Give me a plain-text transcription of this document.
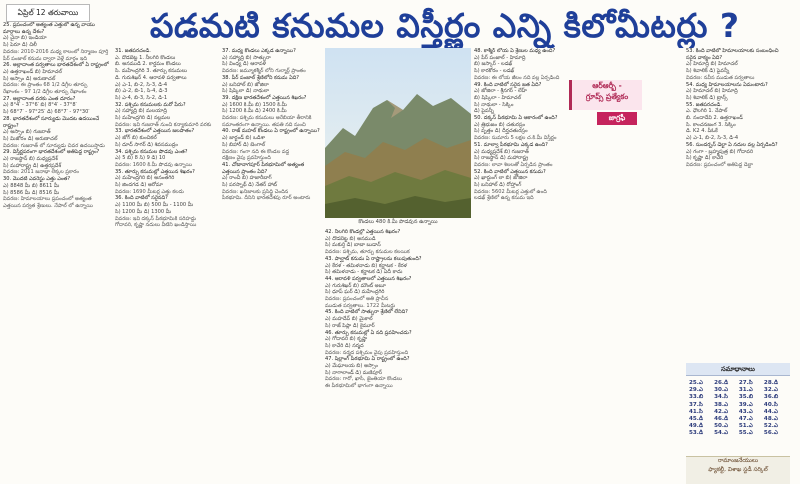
ఏప్రిల్ 12 తరువాయి	పడమటి కనుమల విస్తీర్ణం ఎన్ని కిలోమీటర్లు ?

25. ప్రపంచంలో అత్యంత ఎత్తులో ఉన్న వాయు మార్గాలు ఉన్న దేశం?

ఎ) చైనా బి) ఇండియా

సి) పెరూ డి) చిలీ

వివరణ: 2010-2016 మధ్య కాలంలో నిర్మాణం పూర్తి

పీర్ పంజాల్ కనుమ ద్వారా వెళ్లే మార్గం ఇది

26. అల్లాదాంత పర్వతాలు భారతదేశంలో ఏ రాష్ట్రంలో

ఎ) ఉత్తరాఖండ్ బి) హిమాచల్

సి) అస్సాం డి) అరుణాచల్

వివరణ: ఈ ప్రాంతం 68 1/2 డిగ్రీల తూర్పు

రేఖాంశం - 97 1/2 డిగ్రీల తూర్పు రేఖాంశం

27. అల్లాదాంత వరకు ఎంత దూరం?

ఎ) 8°4′ - 37°6′ బి) 8°4′ - 37°8′

సి) 68°7′ - 97°25′ డి) 68°7′ - 97°30′

28. భారతదేశంలో సూర్యుడు మొదట ఉదయించే రాష్ట్రం?

ఎ) అస్సాం బి) గుజరాత్

సి) మిజోరం డి) అరుణాచల్

వివరణ: గుజరాత్ లో సూర్యుడు చివర ఉదయిస్తాడు

29. విస్తీర్ణపరంగా భారతదేశంలో అతిపెద్ద రాష్ట్రం?

ఎ) రాజస్థాన్ బి) మధ్యప్రదేశ్

సి) మహారాష్ట్ర డి) ఉత్తరప్రదేశ్

వివరణ: 2011 జనాభా లెక్కల ప్రకారం

30. మొదటి ఎవరెస్టు ఎత్తు ఎంత?

ఎ) 8848 మీ బి) 8611 మీ

సి) 8586 మీ డి) 8516 మీ

వివరణ: హిమాలయాలు ప్రపంచంలో అత్యంత

ఎత్తయిన పర్వత శ్రేణులు. నేపాల్ లో ఉన్నాయి

31. జతపరచండి.

ఎ. దొడబెట్ట 1. నీలగిరి కొండలు

బి. అనముడి 2. కార్డమం కొండలు

సి. మహేంద్రగిరి 3. తూర్పు కనుమలు

డి. గురుశిఖర్ 4. ఆరావళి పర్వతాలు

ఎ) ఎ-1, బి-2, సి-3, డి-4

బి) ఎ-2, బి-1, సి-4, డి-3

సి) ఎ-4, బి-3, సి-2, డి-1

32. పశ్చిమ కనుమలకు మరో పేరు?

ఎ) సహ్యాద్రి బి) మలయాద్రి

సి) మహేంద్రగిరి డి) నల్లమల

వివరణ: ఇవి గుజరాత్ నుంచి కన్యాకుమారి వరకు

33. భారతదేశంలో ఎత్తయిన జలపాతం?

ఎ) జోగ్ బి) కుంచికల్

సి) దూద్ సాగర్ డి) శివసముద్రం

34. పశ్చిమ కనుమల పొడవు ఎంత?

ఎ) 5 బి) 8 సి) 9 డి) 10

వివరణ: 1600 కి.మీ పొడవు ఉన్నాయి

35. తూర్పు కనుమల్లో ఎత్తయిన శిఖరం?

ఎ) మహేంద్రగిరి బి) అనంతగిరి

సి) జిందగడ డి) అరోమా

వివరణ: 1690 మీటర్ల ఎత్తు కలదు

36. కింది వాటిలో సరైనది?

ఎ) 1100 మీ బి) 500 మీ - 1100 మీ

సి) 1200 మీ డి) 1300 మీ

వివరణ: ఇవి దక్కన్ పీఠభూమికి సరిహద్దు

గోదావరి, కృష్ణా నదులు వీటిని ఖండిస్తాయి

37. మధ్య కొండలు ఎక్కడ ఉన్నాయి?

ఎ) సహ్యాద్రి బి) సాత్పురా

సి) వింధ్య డి) ఆరావళి

వివరణ: జమ్మూకశ్మీర్ లోని గుల్మార్గ్ ప్రాంతం

38. పీర్ పంజాల్ శ్రేణిలోని కనుమ ఏది?

ఎ) బనిహాల్ బి) జోజిలా

సి) షిప్కిలా డి) నాథులా

39. దక్షిణ భారతదేశంలో ఎత్తయిన శిఖరం?

ఎ) 1600 కి.మీ బి) 1500 కి.మీ

సి) 1200 కి.మీ డి) 2400 కి.మీ

వివరణ: పశ్చిమ కనుమలు అరేబియా తీరానికి

సమాంతరంగా ఉన్నాయి. తపతి నది నుంచి

40. రాజ్ మహల్ కొండలు ఏ రాష్ట్రంలో ఉన్నాయి?

ఎ) జార్ఖండ్ బి) ఒడిశా

సి) బిహార్ డి) బెంగాల్

వివరణ: గంగా నది ఈ కొండల వద్ద

దక్షిణం వైపు ప్రవహిస్తుంది

41. చోటానాగపూర్ పీఠభూమిలో అత్యంత

ఎత్తయిన ప్రాంతం ఏది?

ఎ) రాంచీ బి) హజారీబాగ్

సి) పరస్నాథ్ డి) నేతర్ హాట్

వివరణ: ఖనిజాలకు ప్రసిద్ధి చెందిన

పీఠభూమి. దీనిని భారతదేశపు రూర్ అంటారు

కొండలు 480 కి.మీ పొడవున ఉన్నాయి

42. నీలగిరి కొండల్లో ఎత్తయిన శిఖరం?

ఎ) దొడబెట్ట బి) అనముడి

సి) మకుర్తి డి) బాబా బుడాన్

వివరణ: పశ్చిమ, తూర్పు కనుమల కలయిక

43. పాల్ఘాట్ కనుమ ఏ రాష్ట్రాలను కలుపుతుంది?

ఎ) కేరళ - తమిళనాడు బి) కర్ణాటక - కేరళ

సి) తమిళనాడు - కర్ణాటక డి) ఏదీ కాదు

44. ఆరావళి పర్వతాలలో ఎత్తయిన శిఖరం?

ఎ) గురుశిఖర్ బి) మౌంట్ అబూ

సి) ధూప్ ఘర్ డి) మహేంద్రగిరి

వివరణ: ప్రపంచంలో అతి ప్రాచీన

ముడుత పర్వతాలు. 1722 మీటర్లు

45. కింది వాటిలో సాత్పురా శ్రేణిలో లేనిది?

ఎ) మహదేవ్ బి) మైకాల్

సి) రాజ్ పిప్లా డి) కైమూర్

46. తూర్పు కనుమల్లో ఏ నది ప్రవహించదు?

ఎ) గోదావరి బి) కృష్ణా

సి) కావేరి డి) నర్మద

వివరణ: నర్మద పశ్చిమం వైపు ప్రవహిస్తుంది

47. షిల్లాంగ్ పీఠభూమి ఏ రాష్ట్రంలో ఉంది?

ఎ) మేఘాలయ బి) అస్సాం

సి) నాగాలాండ్ డి) మణిపూర్

వివరణ: గారో, ఖాసీ, జైంతియా కొండలు

ఈ పీఠభూమిలో భాగంగా ఉన్నాయి

48. కాశ్మీర్ లోయ ఏ శ్రేణుల మధ్య ఉంది?

ఎ) పీర్ పంజాల్ - హిమాద్రి

బి) జస్కార్ - లడఖ్

సి) కారకోరం - లడఖ్

వివరణ: ఈ లోయ జీలం నది వల్ల ఏర్పడింది

49. కింది వాటిలో సరైన జత ఏది?

ఎ) జోజిలా - శ్రీనగర్ - లేహ్

బి) షిప్కిలా - హిమాచల్

సి) నాథులా - సిక్కిం

డి) పైవన్నీ

50. దక్కన్ పీఠభూమి ఏ ఆకారంలో ఉంది?

ఎ) త్రిభుజం బి) చతురస్రం

సి) వృత్తం డి) దీర్ఘచతురస్రం

వివరణ: సుమారు 5 లక్షల చ.కి.మీ విస్తీర్ణం

51. మాల్వా పీఠభూమి ఎక్కడ ఉంది?

ఎ) మధ్యప్రదేశ్ బి) గుజరాత్

సి) రాజస్థాన్ డి) మహారాష్ట్ర

వివరణ: లావా శిలలతో ఏర్పడిన ప్రాంతం

52. కింది వాటిలో ఎత్తయిన కనుమ?

ఎ) ఖార్దుంగ్ లా బి) జోజిలా

సి) బనిహాల్ డి) రోహ్తాంగ్

వివరణ: 5602 మీటర్ల ఎత్తులో ఉంది

లడఖ్ శ్రేణిలో ఉన్న కనుమ ఇది

ఆర్ఆర్బీ -
గ్రూప్స్ ప్రత్యేకం
జాగ్రఫీ

53. కింది వాటిలో హిమాలయాలకు సంబంధించి

సరైన వాక్యం ఏది?

ఎ) హిమాద్రి బి) హిమాచల్

సి) శివాలిక్ డి) పైవన్నీ

వివరణ: నవీన ముడుత పర్వతాలు

54. మధ్య హిమాలయాలను ఏమంటారు?

ఎ) హిమాచల్ బి) హిమాద్రి

సి) శివాలిక్ డి) ట్రాన్స్

55. జతపరచండి.

ఎ. ధౌలగిరి 1. నేపాల్

బి. నందాదేవి 2. ఉత్తరాఖండ్

సి. కాంచనజంగ 3. సిక్కిం

డి. K2 4. పీఓకే

ఎ) ఎ-1, బి-2, సి-3, డి-4

56. సుందర్బన్ డెల్టా ఏ నదుల వల్ల ఏర్పడింది?

ఎ) గంగా - బ్రహ్మపుత్ర బి) గోదావరి

సి) కృష్ణా డి) కావేరి

వివరణ: ప్రపంచంలో అతిపెద్ద డెల్టా

సమాధానాలు
25.ఎ	26.డి	27.సి	28.డి
29.ఎ	30.ఎ	31.ఎ	32.ఎ
33.బి	34.సి	35.బి	36.బి
37.సి	38.ఎ	39.ఎ	40.సి
41.సి	42.ఎ	43.ఎ	44.ఎ
45.డి	46.డి	47.ఎ	48.ఎ
49.డి	50.ఎ	51.ఎ	52.ఎ
53.డి	54.ఎ	55.ఎ	56.ఎ
రామాంజనేయులు
ఫ్యాకల్టీ, విశాఖ స్టడీ సర్కిల్
